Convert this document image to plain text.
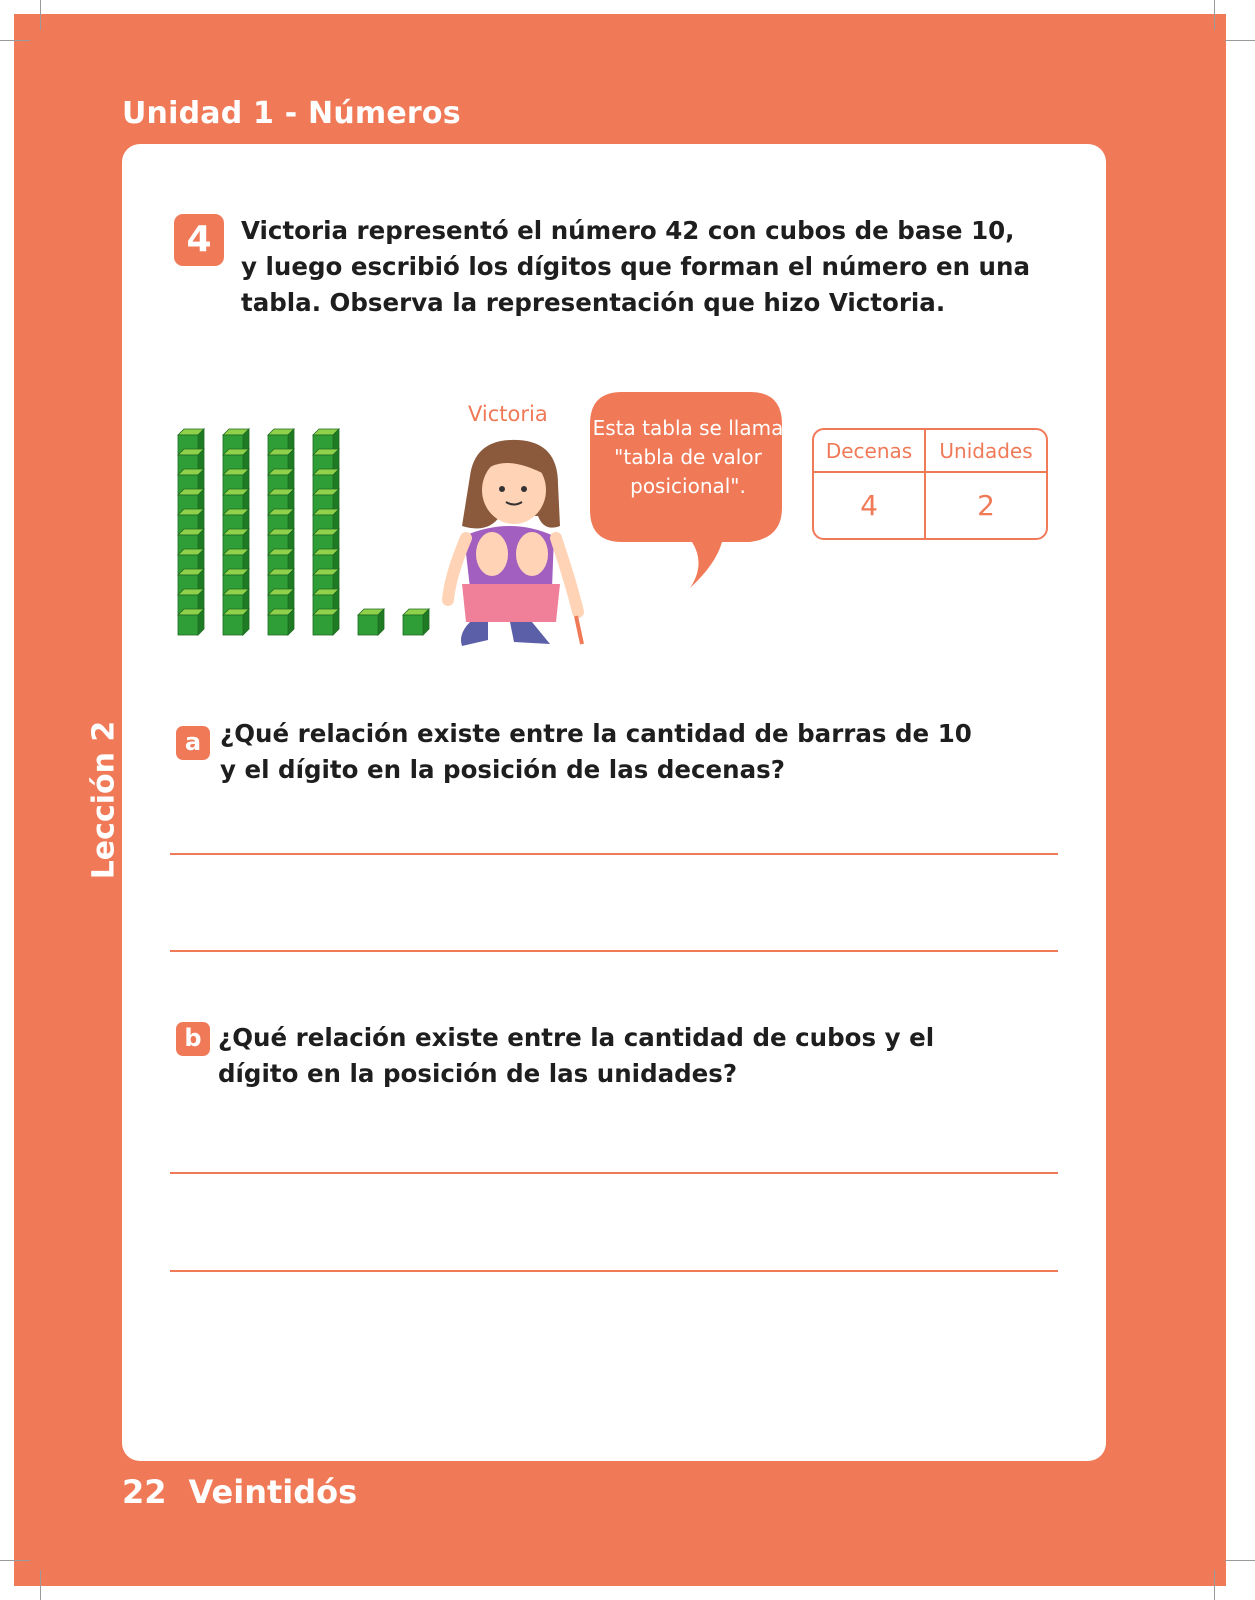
Unidad 1 - Números
Lección 2
4	Victoria representó el número 42 con cubos de base 10, y luego escribió los dígitos que forman el número en una tabla. Observa la representación que hizo Victoria.
Victoria
Esta tabla se llama "tabla de valor posicional".
Decenas	Unidades
4	2
a ¿Qué relación existe entre la cantidad de barras de 10 y el dígito en la posición de las decenas?
b ¿Qué relación existe entre la cantidad de cubos y el dígito en la posición de las unidades?
22 Veintidós
